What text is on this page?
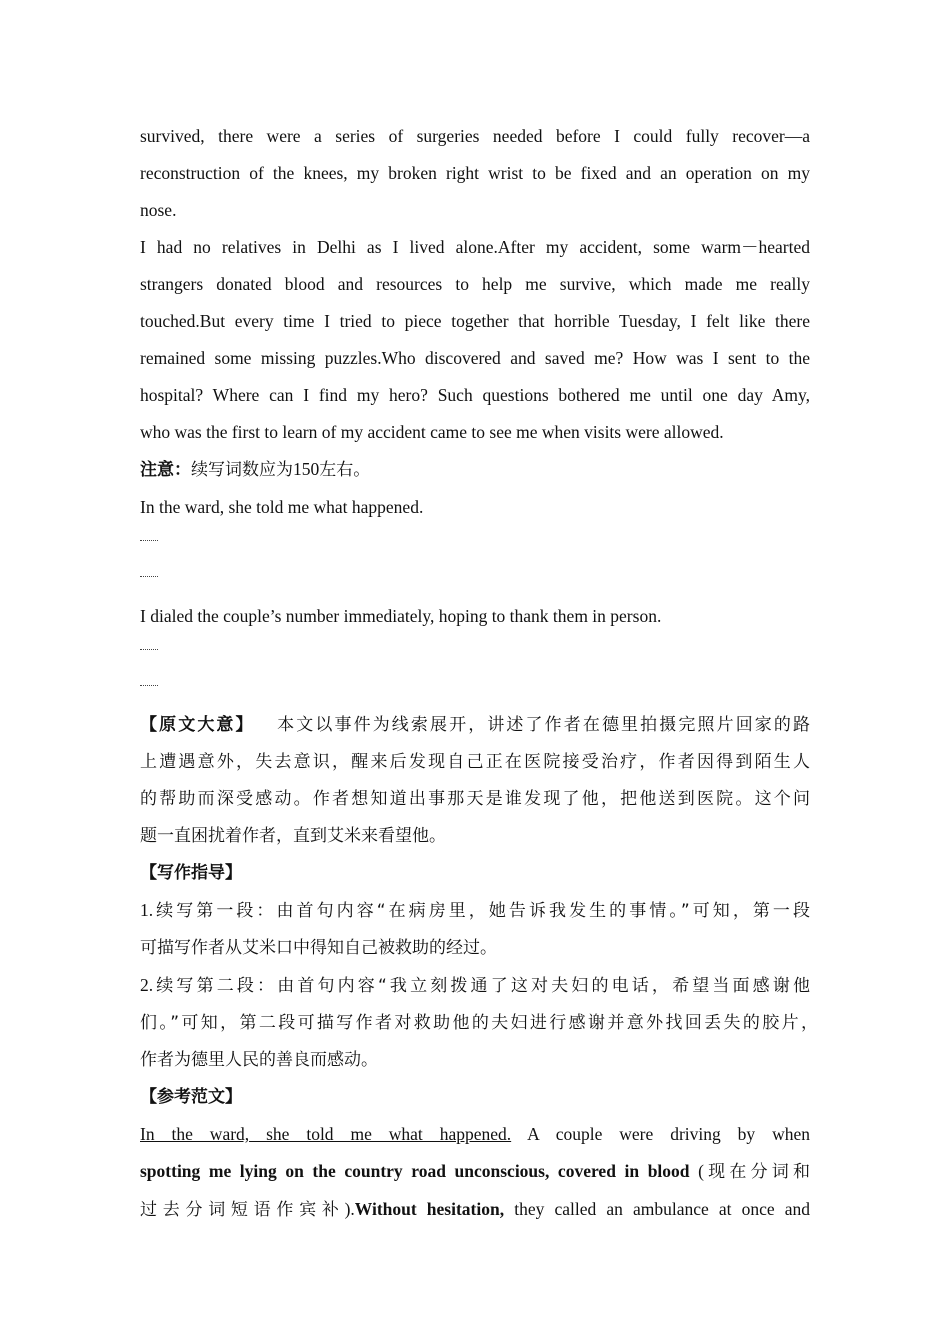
survived, there were a series of surgeries needed before I could fully recover—a

reconstruction of the knees, my broken right wrist to be fixed and an operation on my

nose.

I had no relatives in Delhi as I lived alone.After my accident, some warm－hearted

strangers donated blood and resources to help me survive, which made me really

touched.But every time I tried to piece together that horrible Tuesday, I felt like there

remained some missing puzzles.Who discovered and saved me? How was I sent to the

hospital? Where can I find my hero? Such questions bothered me until one day Amy,

who was the first to learn of my accident came to see me when visits were allowed.

注意：续写词数应为150左右。

In the ward, she told me what happened.

I dialed the couple’s number immediately, hoping to thank them in person.

【原文大意】 本文以事件为线索展开，讲述了作者在德里拍摄完照片回家的路

上遭遇意外，失去意识，醒来后发现自己正在医院接受治疗，作者因得到陌生人

的帮助而深受感动。作者想知道出事那天是谁发现了他，把他送到医院。这个问

题一直困扰着作者，直到艾米来看望他。

【写作指导】

1.续写第一段：由首句内容“在病房里，她告诉我发生的事情。”可知，第一段

可描写作者从艾米口中得知自己被救助的经过。

2.续写第二段：由首句内容“我立刻拨通了这对夫妇的电话，希望当面感谢他

们。”可知，第二段可描写作者对救助他的夫妇进行感谢并意外找回丢失的胶片，

作者为德里人民的善良而感动。

【参考范文】

In the ward, she told me what happened. A couple were driving by when

spotting me lying on the country road unconscious, covered in blood (现在分词和

过去分词短语作宾补).Without hesitation, they called an ambulance at once and
